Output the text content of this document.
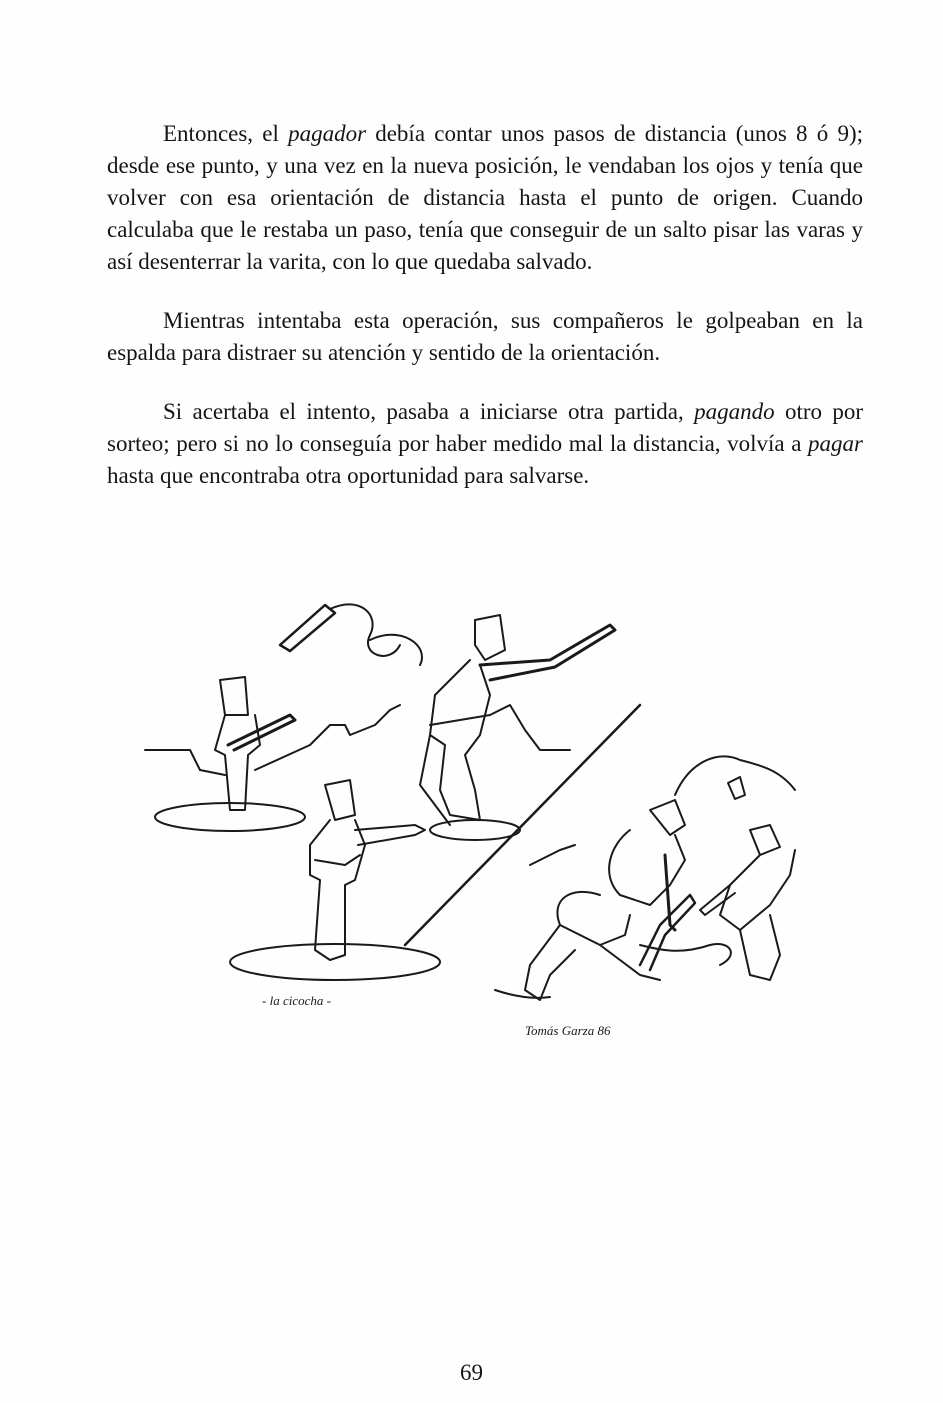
Entonces, el pagador debía contar unos pasos de distancia (unos 8 ó 9); desde ese punto, y una vez en la nueva posición, le vendaban los ojos y tenía que volver con esa orientación de distancia hasta el punto de origen. Cuando calculaba que le restaba un paso, tenía que conseguir de un salto pisar las varas y así desenterrar la varita, con lo que quedaba salvado.

Mientras intentaba esta operación, sus compañeros le golpeaban en la espalda para distraer su atención y sentido de la orientación.

Si acertaba el intento, pasaba a iniciarse otra partida, pagando otro por sorteo; pero si no lo conseguía por haber medido mal la distancia, volvía a pagar hasta que encontraba otra oportunidad para salvarse.

- la cicocha -
Tomás Garza 86
69
